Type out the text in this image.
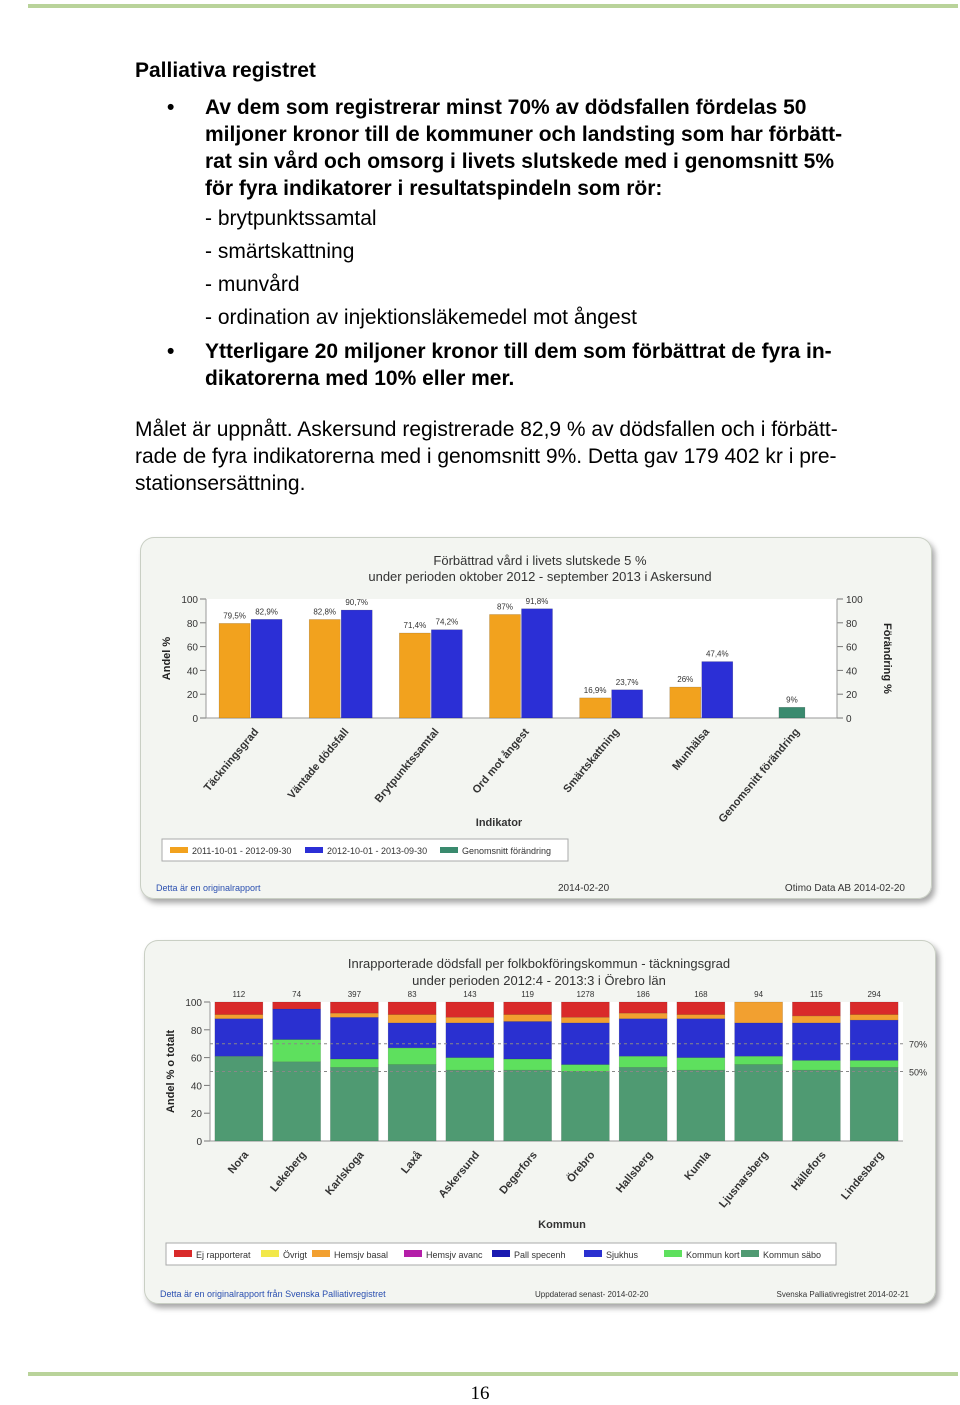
Palliativa registret
• Av dem som registrerar minst 70% av dödsfallen fördelas 50
miljoner kronor till de kommuner och landsting som har förbätt-
rat sin vård och omsorg i livets slutskede med i genomsnitt 5%
för fyra indikatorer i resultatspindeln som rör:
- brytpunktssamtal
- smärtskattning
- munvård
- ordination av injektionsläkemedel mot ångest
• Ytterligare 20 miljoner kronor till dem som förbättrat de fyra in-
dikatorerna med 10% eller mer.
Målet är uppnått. Askersund registrerade 82,9 % av dödsfallen och i förbätt-
rade de fyra indikatorerna med i genomsnitt 9%. Detta gav 179 402 kr i pre-
stationsersättning.
Förbättrad vård i livets slutskede 5 %
under perioden oktober 2012 - september 2013 i Askersund
0	0
20	20
40	40
60	60
80	80
100	100
Andel %	Förändring %
79,5% 82,9%
Täckningsgrad
82,8%
90,7%
Väntade dödsfall
71,4% 74,2%
Brytpunktssamtal
87%
91,8%
Ord mot ångest
16,9%
23,7%
Smärtskattning
26%
47,4%
Munhälsa
9%
Genomsnitt förändring
Indikator
2011-10-01 - 2012-09-30	2012-10-01 - 2013-09-30	Genomsnitt förändring
Detta är en originalrapport	2014-02-20	Otimo Data AB 2014-02-20
Inrapporterade dödsfall per folkbokföringskommun - täckningsgrad
under perioden 2012:4 - 2013:3 i Örebro län
0
20
40
60
80
100
Andel % o totalt
112
Nora
74
Lekeberg
397
Karlskoga
83
Laxå
143
Askersund
119
Degerfors
1278
Örebro
186
Hallsberg
168
Kumla
94
Ljusnarsberg
115
Hällefors
294
Lindesberg
70%
50%
Kommun
Ej rapporterat	Övrigt	Hemsjv basal	Hemsjv avanc	Pall specenh	Sjukhus	Kommun kort	Kommun säbo
Detta är en originalrapport från Svenska Palliativregistret	Uppdaterad senast- 2014-02-20	Svenska Palliativregistret 2014-02-21
16
